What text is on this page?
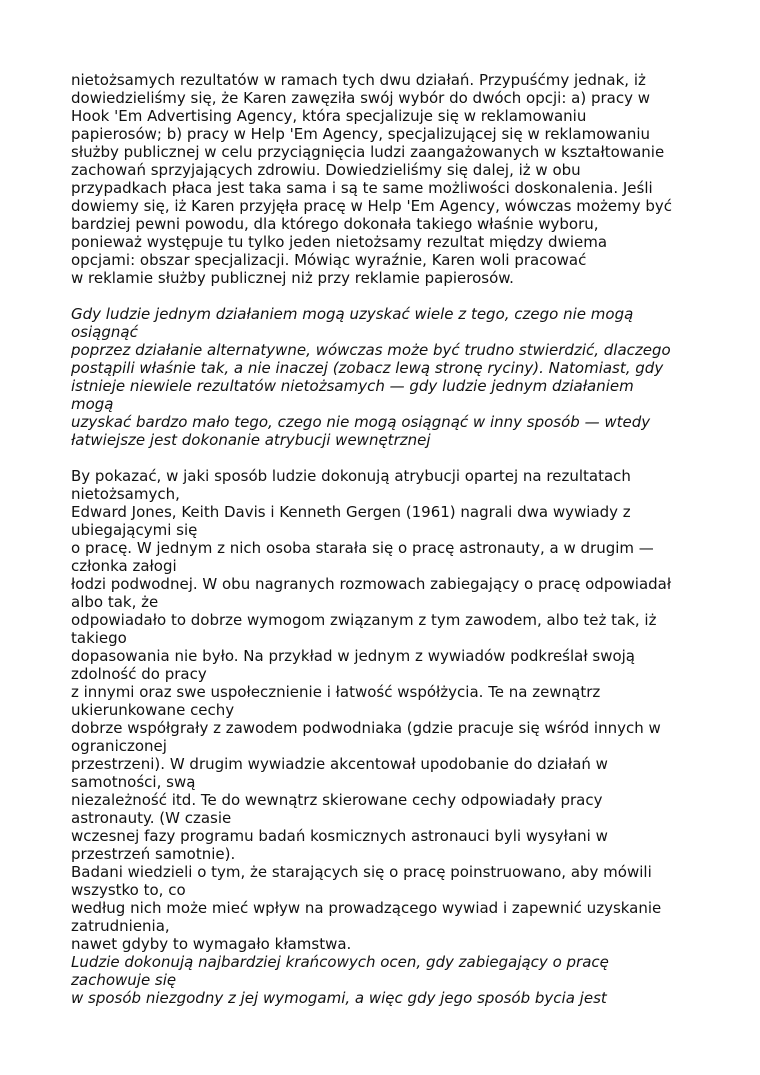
nietożsamych rezultatów w ramach tych dwu działań. Przypuśćmy jednak, iż
dowiedzieliśmy się, że Karen zawęziła swój wybór do dwóch opcji: a) pracy w
Hook 'Em Advertising Agency, która specjalizuje się w reklamowaniu
papierosów; b) pracy w Help 'Em Agency, specjalizującej się w reklamowaniu
służby publicznej w celu przyciągnięcia ludzi zaangażowanych w kształtowanie
zachowań sprzyjających zdrowiu. Dowiedzieliśmy się dalej, iż w obu
przypadkach płaca jest taka sama i są te same możliwości doskonalenia. Jeśli
dowiemy się, iż Karen przyjęła pracę w Help 'Em Agency, wówczas możemy być
bardziej pewni powodu, dla którego dokonała takiego właśnie wyboru,
ponieważ występuje tu tylko jeden nietożsamy rezultat między dwiema
opcjami: obszar specjalizacji. Mówiąc wyraźnie, Karen woli pracować
w reklamie służby publicznej niż przy reklamie papierosów.
Gdy ludzie jednym działaniem mogą uzyskać wiele z tego, czego nie mogą
osiągnąć
poprzez działanie alternatywne, wówczas może być trudno stwierdzić, dlaczego
postąpili właśnie tak, a nie inaczej (zobacz lewą stronę ryciny). Natomiast, gdy
istnieje niewiele rezultatów nietożsamych — gdy ludzie jednym działaniem
mogą
uzyskać bardzo mało tego, czego nie mogą osiągnąć w inny sposób — wtedy
łatwiejsze jest dokonanie atrybucji wewnętrznej
By pokazać, w jaki sposób ludzie dokonują atrybucji opartej na rezultatach
nietożsamych,
Edward Jones, Keith Davis i Kenneth Gergen (1961) nagrali dwa wywiady z
ubiegającymi się
o pracę. W jednym z nich osoba starała się o pracę astronauty, a w drugim —
członka załogi
łodzi podwodnej. W obu nagranych rozmowach zabiegający o pracę odpowiadał
albo tak, że
odpowiadało to dobrze wymogom związanym z tym zawodem, albo też tak, iż
takiego
dopasowania nie było. Na przykład w jednym z wywiadów podkreślał swoją
zdolność do pracy
z innymi oraz swe uspołecznienie i łatwość współżycia. Te na zewnątrz
ukierunkowane cechy
dobrze współgrały z zawodem podwodniaka (gdzie pracuje się wśród innych w
ograniczonej
przestrzeni). W drugim wywiadzie akcentował upodobanie do działań w
samotności, swą
niezależność itd. Te do wewnątrz skierowane cechy odpowiadały pracy
astronauty. (W czasie
wczesnej fazy programu badań kosmicznych astronauci byli wysyłani w
przestrzeń samotnie).
Badani wiedzieli o tym, że starających się o pracę poinstruowano, aby mówili
wszystko to, co
według nich może mieć wpływ na prowadzącego wywiad i zapewnić uzyskanie
zatrudnienia,
nawet gdyby to wymagało kłamstwa.
Ludzie dokonują najbardziej krańcowych ocen, gdy zabiegający o pracę
zachowuje się
w sposób niezgodny z jej wymogami, a więc gdy jego sposób bycia jest
